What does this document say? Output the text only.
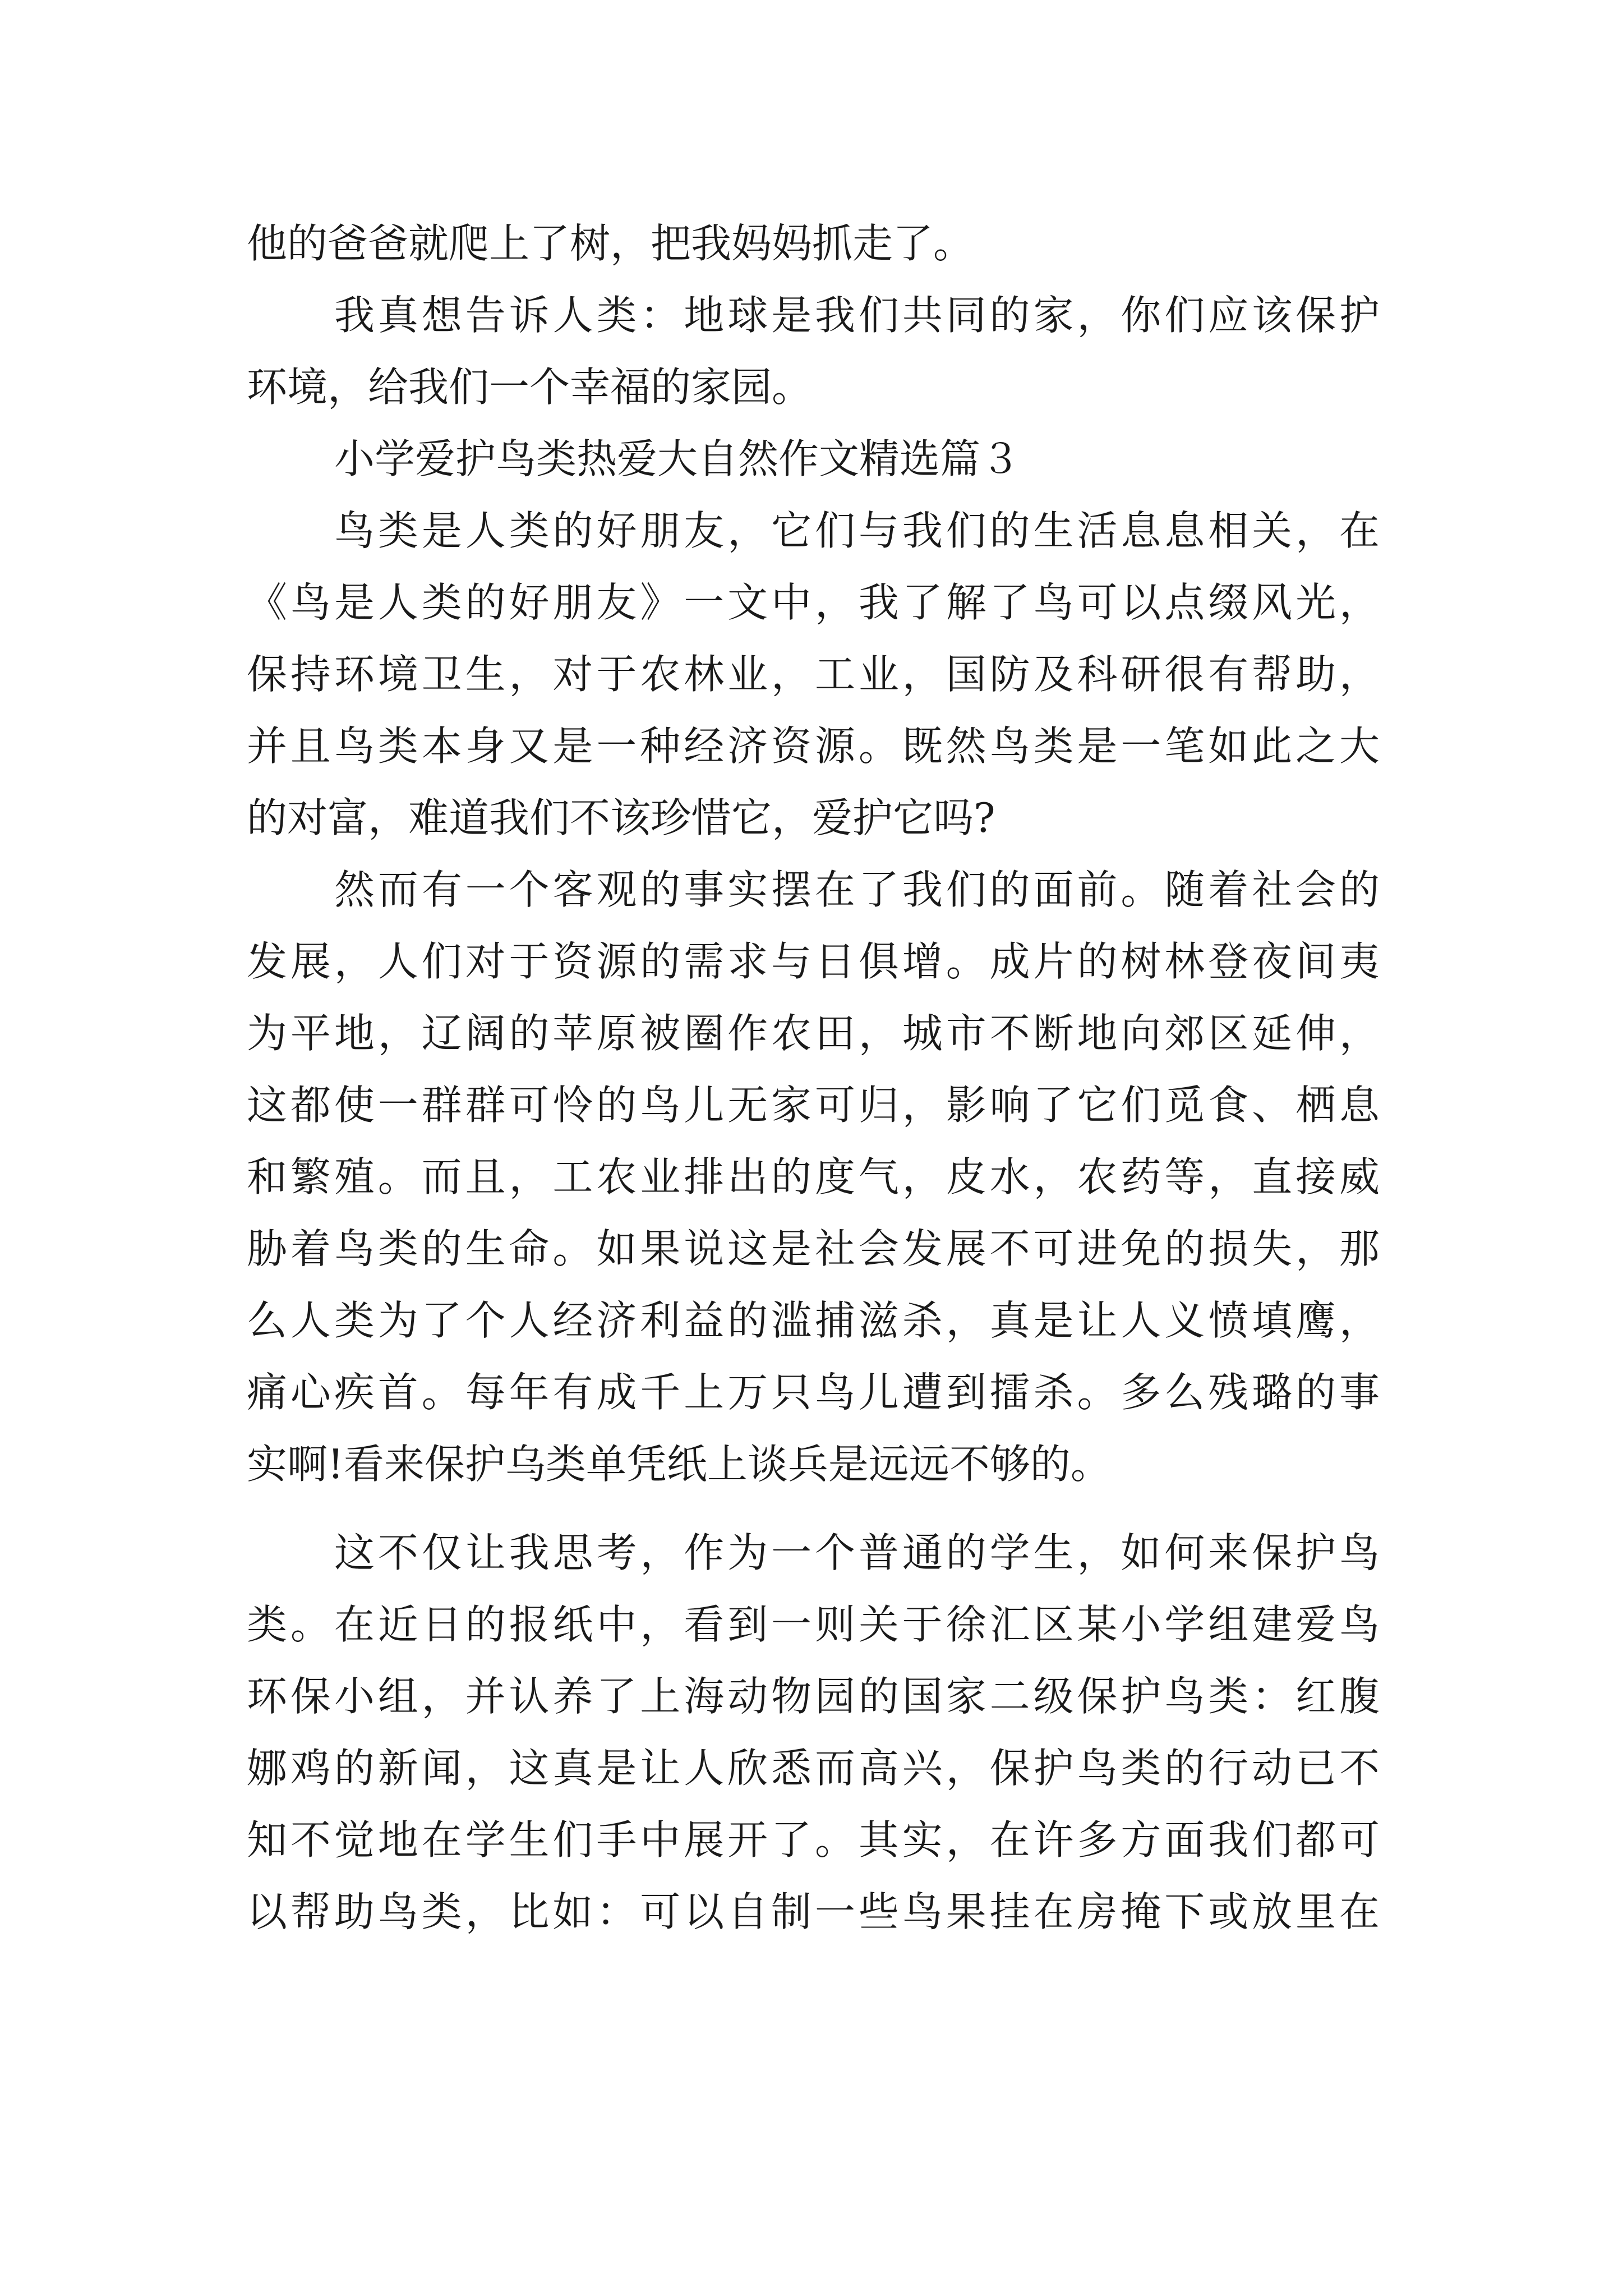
他的爸爸就爬上了树，把我妈妈抓走了。
我真想告诉人类：地球是我们共同的家，你们应该保护
环境，给我们一个幸福的家园。
小学爱护鸟类热爱大自然作文精选篇３
鸟类是人类的好朋友，它们与我们的生活息息相关，在
《鸟是人类的好朋友》一文中，我了解了鸟可以点缀风光，
保持环境卫生，对于农林业，工业，国防及科研很有帮助，
并且鸟类本身又是一种经济资源。既然鸟类是一笔如此之大
的对富，难道我们不该珍惜它，爱护它吗?
然而有一个客观的事实摆在了我们的面前。随着社会的
发展，人们对于资源的需求与日俱增。成片的树林登夜间夷
为平地，辽阔的苹原被圈作农田，城市不断地向郊区延伸，
这都使一群群可怜的鸟儿无家可归，影响了它们觅食、栖息
和繁殖。而且，工农业排出的度气，皮水，农药等，直接威
胁着鸟类的生命。如果说这是社会发展不可进免的损失，那
么人类为了个人经济利益的滥捕滋杀，真是让人义愤填鹰，
痛心疾首。每年有成千上万只鸟儿遭到擂杀。多么残璐的事
实啊!看来保护乌类单凭纸上谈兵是远远不够的。
这不仅让我思考，作为一个普通的学生，如何来保护鸟
类。在近日的报纸中，看到一则关于徐汇区某小学组建爱鸟
环保小组，并认养了上海动物园的国家二级保护鸟类：红腹
娜鸡的新闻，这真是让人欣悉而高兴，保护鸟类的行动已不
知不觉地在学生们手中展开了。其实，在许多方面我们都可
以帮助鸟类，比如：可以自制一些鸟果挂在房掩下或放里在
